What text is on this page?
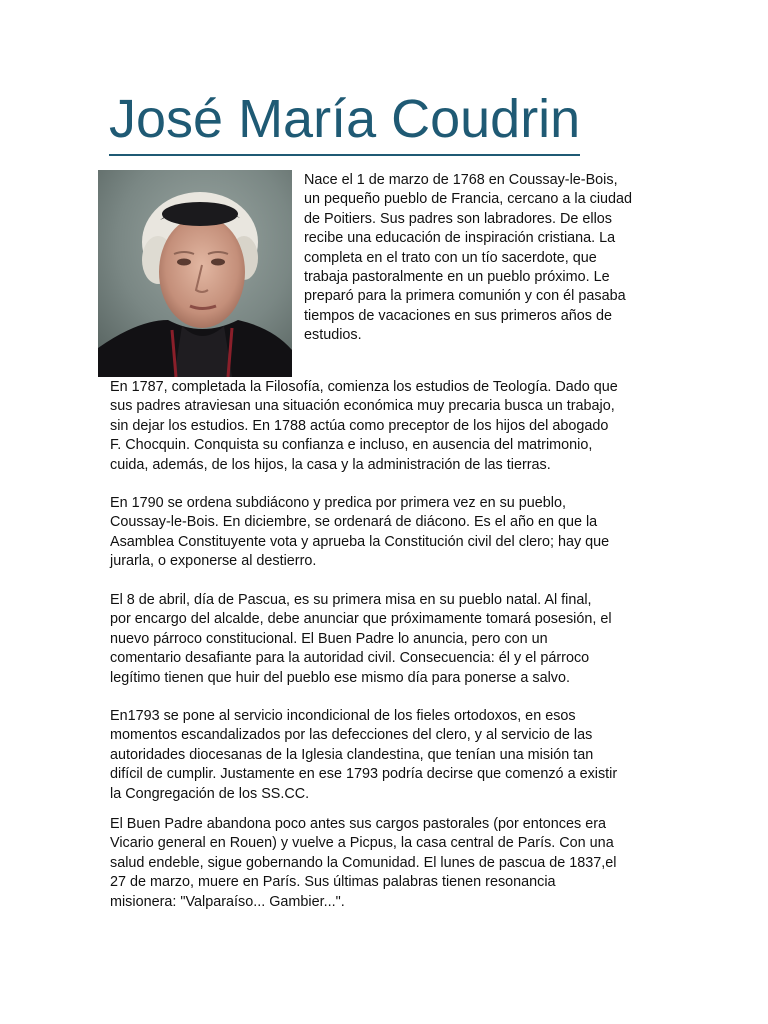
José María Coudrin

Nace el 1 de marzo de 1768 en Coussay-le-Bois,
un pequeño pueblo de Francia, cercano a la ciudad
de Poitiers. Sus padres son labradores. De ellos
recibe una educación de inspiración cristiana. La
completa en el trato con un tío sacerdote, que
trabaja pastoralmente en un pueblo próximo. Le
preparó para la primera comunión y con él pasaba
tiempos de vacaciones en sus primeros años de
estudios.

En 1787, completada la Filosofía, comienza los estudios de Teología. Dado que
sus padres atraviesan una situación económica muy precaria busca un trabajo,
sin dejar los estudios. En 1788 actúa como preceptor de los hijos del abogado
F. Chocquin. Conquista su confianza e incluso, en ausencia del matrimonio,
cuida, además, de los hijos, la casa y la administración de las tierras.

En 1790 se ordena subdiácono y predica por primera vez en su pueblo,
Coussay-le-Bois. En diciembre, se ordenará de diácono. Es el año en que la
Asamblea Constituyente vota y aprueba la Constitución civil del clero; hay que
jurarla, o exponerse al destierro.

El 8 de abril, día de Pascua, es su primera misa en su pueblo natal. Al final,
por encargo del alcalde, debe anunciar que próximamente tomará posesión, el
nuevo párroco constitucional. El Buen Padre lo anuncia, pero con un
comentario desafiante para la autoridad civil. Consecuencia: él y el párroco
legítimo tienen que huir del pueblo ese mismo día para ponerse a salvo.

En1793 se pone al servicio incondicional de los fieles ortodoxos, en esos
momentos escandalizados por las defecciones del clero, y al servicio de las
autoridades diocesanas de la Iglesia clandestina, que tenían una misión tan
difícil de cumplir. Justamente en ese 1793 podría decirse que comenzó a existir
la Congregación de los SS.CC.

El Buen Padre abandona poco antes sus cargos pastorales (por entonces era
Vicario general en Rouen) y vuelve a Picpus, la casa central de París. Con una
salud endeble, sigue gobernando la Comunidad. El lunes de pascua de 1837,el
27 de marzo, muere en París. Sus últimas palabras tienen resonancia
misionera: "Valparaíso... Gambier...".
